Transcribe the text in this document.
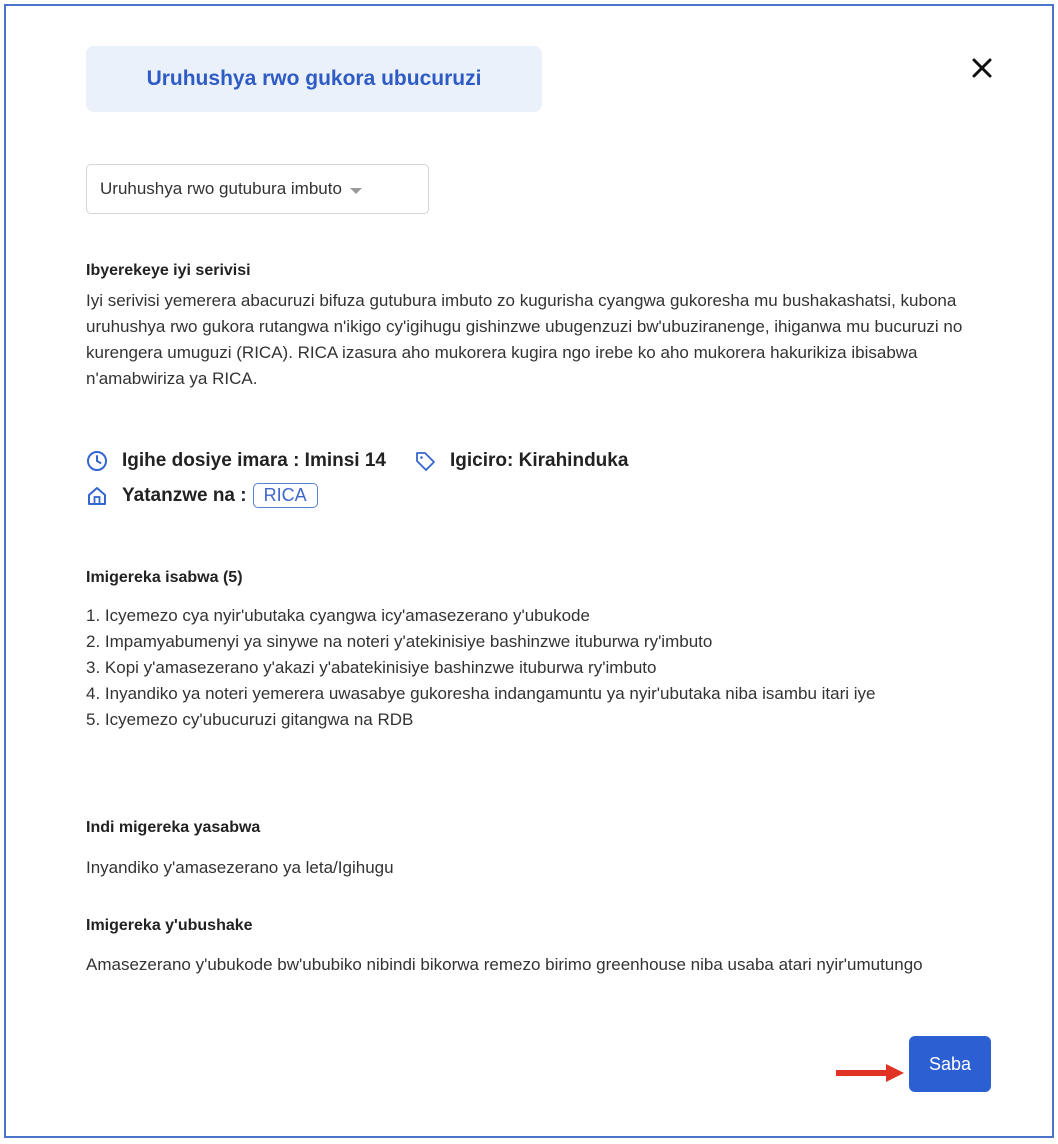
Uruhushya rwo gukora ubucuruzi
Uruhushya rwo gutubura imbuto
Ibyerekeye iyi serivisi
Iyi serivisi yemerera abacuruzi bifuza gutubura imbuto zo kugurisha cyangwa gukoresha mu bushakashatsi, kubona uruhushya rwo gukora rutangwa n'ikigo cy'igihugu gishinzwe ubugenzuzi bw'ubuziranenge, ihiganwa mu bucuruzi no kurengera umuguzi (RICA). RICA izasura aho mukorera kugira ngo irebe ko aho mukorera hakurikiza ibisabwa n'amabwiriza ya RICA.
Igihe dosiye imara : Iminsi 14	Igiciro: Kirahinduka
Yatanzwe na : RICA
Imigereka isabwa (5)
1. Icyemezo cya nyir'ubutaka cyangwa icy'amasezerano y'ubukode
2. Impamyabumenyi ya sinywe na noteri y'atekinisiye bashinzwe ituburwa ry'imbuto
3. Kopi y'amasezerano y'akazi y'abatekinisiye bashinzwe ituburwa ry'imbuto
4. Inyandiko ya noteri yemerera uwasabye gukoresha indangamuntu ya nyir'ubutaka niba isambu itari iye
5. Icyemezo cy'ubucuruzi gitangwa na RDB
Indi migereka yasabwa
Inyandiko y'amasezerano ya leta/Igihugu
Imigereka y'ubushake
Amasezerano y'ubukode bw'ububiko nibindi bikorwa remezo birimo greenhouse niba usaba atari nyir'umutungo
Saba
